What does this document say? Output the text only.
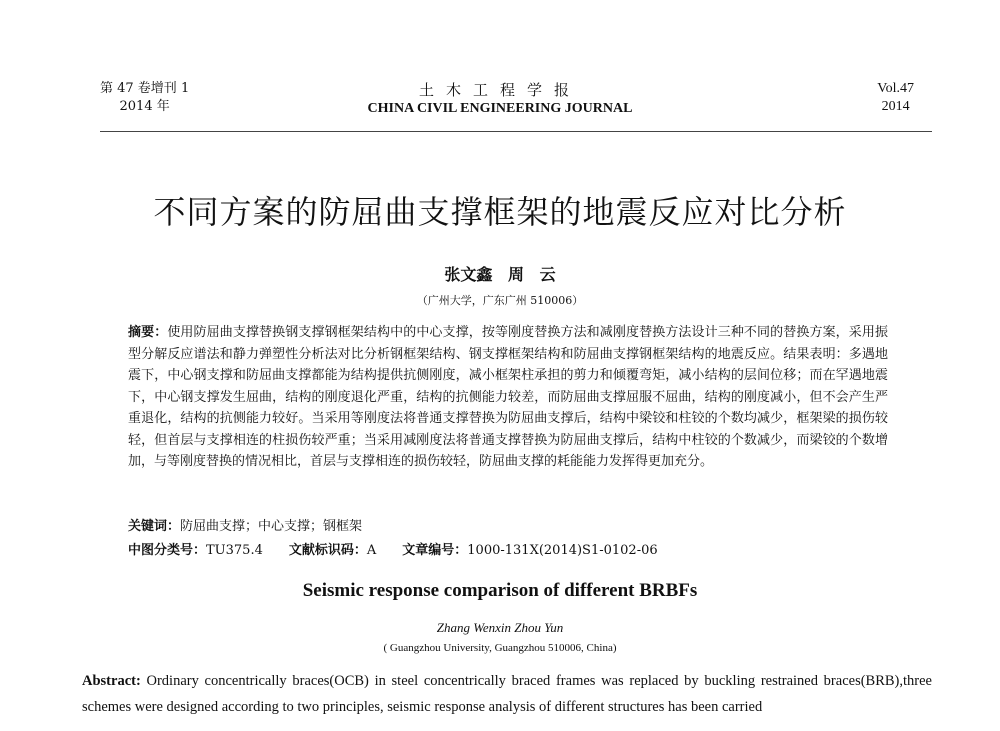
第 47 卷增刊 1
2014 年
土木工程学报
CHINA CIVIL ENGINEERING JOURNAL
Vol.47
2014
不同方案的防屈曲支撑框架的地震反应对比分析
张文鑫 周 云
（广州大学，广东广州 510006）
摘要：使用防屈曲支撑替换钢支撑钢框架结构中的中心支撑，按等刚度替换方法和减刚度替换方法设计三种不同的替换方案，采用振型分解反应谱法和静力弹塑性分析法对比分析钢框架结构、钢支撑框架结构和防屈曲支撑钢框架结构的地震反应。结果表明：多遇地震下，中心钢支撑和防屈曲支撑都能为结构提供抗侧刚度，减小框架柱承担的剪力和倾覆弯矩，减小结构的层间位移；而在罕遇地震下，中心钢支撑发生屈曲，结构的刚度退化严重，结构的抗侧能力较差，而防屈曲支撑屈服不屈曲，结构的刚度减小，但不会产生严重退化，结构的抗侧能力较好。当采用等刚度法将普通支撑替换为防屈曲支撑后，结构中梁铰和柱铰的个数均减少，框架梁的损伤较轻，但首层与支撑相连的柱损伤较严重；当采用减刚度法将普通支撑替换为防屈曲支撑后，结构中柱铰的个数减少，而梁铰的个数增加，与等刚度替换的情况相比，首层与支撑相连的损伤较轻，防屈曲支撑的耗能能力发挥得更加充分。
关键词：防屈曲支撑；中心支撑；钢框架
中图分类号：TU375.4 文献标识码：A 文章编号：1000-131X(2014)S1-0102-06
Seismic response comparison of different BRBFs
Zhang Wenxin Zhou Yun
( Guangzhou University, Guangzhou 510006, China)
Abstract: Ordinary concentrically braces(OCB) in steel concentrically braced frames was replaced by buckling restrained braces(BRB),three schemes were designed according to two principles, seismic response analysis of different structures has been carried
